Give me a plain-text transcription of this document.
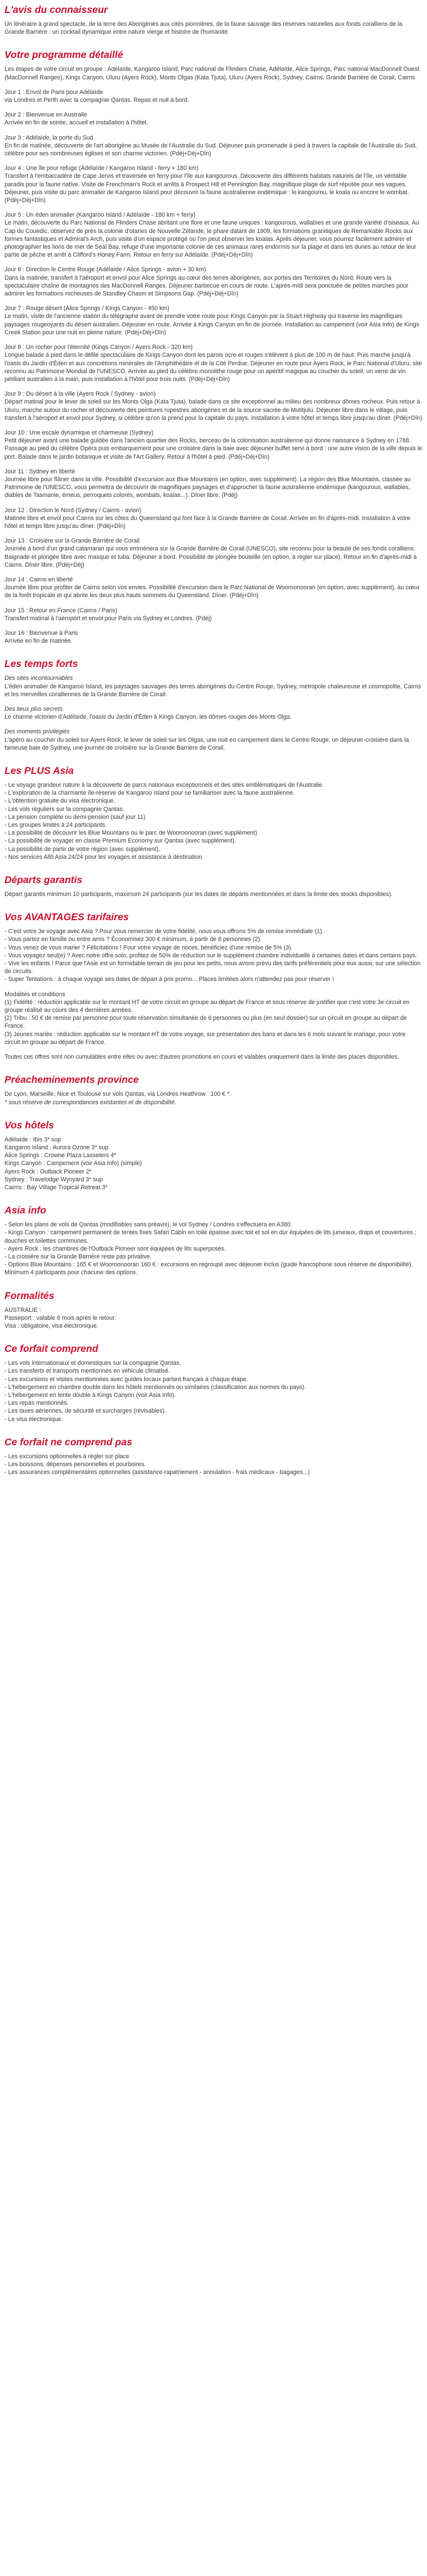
L'avis du connaisseur

Un itinéraire à grand spectacle, de la terre des Aborigènes aux cités pionnières, de la faune sauvage des réserves naturelles aux fonds coralliens de la Grande Barrière : un cocktail dynamique entre nature vierge et histoire de l'humanité.

Votre programme détaillé

Les étapes de votre circuit en groupe : Adélaïde, Kangaroo Island, Parc national de Flinders Chase, Adélaïde, Alice Springs, Parc national MacDonnell Ouest (MacDonnell Ranges), Kings Canyon, Uluru (Ayers Rock), Monts Olgas (Kata Tjuta), Uluru (Ayers Rock), Sydney, Cairns, Grande Barrière de Corail, Cairns

Jour 1 : Envol de Paris pour Adélaïde
via Londres et Perth avec la compagnie Qantas. Repas et nuit à bord.
Jour 2 : Bienvenue en Australie
Arrivée en fin de soirée, accueil et installation à l'hôtel.
Jour 3 : Adélaïde, la porte du Sud
En fin de matinée, découverte de l'art aborigène au Musée de l'Australie du Sud. Déjeuner puis promenade à pied à travers la capitale de l'Australie du Sud, célèbre pour ses nombreuses églises et son charme victorien. (Pdéj+Déj+Dîn)
Jour 4 : Une île pour refuge (Adélaïde / Kangaroo Island - ferry + 180 km)
Transfert à l'embarcadère de Cape Jervis et traversée en ferry pour l'île aux kangourous. Découverte des différents habitats naturels de l'île, un véritable paradis pour la faune native. Visite de Frenchman's Rock et arrêts à Prospect Hill et Pennington Bay, magnifique plage de surf réputée pour ses vagues. Déjeuner, puis visite du parc animalier de Kangaroo Island pour découvrir la faune australienne endémique : le kangourou, le koala ou encore le wombat. (Pdéj+Déj+Dîn)
Jour 5 : Un éden animalier (Kangaroo Island / Adélaïde - 180 km + ferry)
Le matin, découverte du Parc National de Flinders Chase abritant une flore et une faune uniques : kangourous, wallabies et une grande variété d'oiseaux. Au Cap du Couedic, observez de près la colonie d'otaries de Nouvelle Zélande, le phare datant de 1909, les formations granitiques de Remarkable Rocks aux formes fantastiques et Admiral's Arch, puis visite d'un espace protégé où l'on peut observer les koalas. Après déjeuner, vous pourrez facilement admirer et photographier les lions de mer de Seal Bay, refuge d'une importante colonie de ces animaux rares endormis sur la plage et dans les dunes au retour de leur partie de pêche et arrêt à Clifford's Honey Farm. Retour en ferry sur Adélaïde. (Pdéj+Déj+Dîn)
Jour 6 : Direction le Centre Rouge (Adélaïde / Alice Springs - avion + 30 km)
Dans la matinée, transfert à l'aéroport et envol pour Alice Springs au cœur des terres aborigènes, aux portes des Territoires du Nord. Route vers la spectaculaire chaîne de montagnes des MacDonnell Ranges. Déjeuner barbecue en cours de route. L'après-midi sera ponctuée de petites marches pour admirer les formations rocheuses de Standley Chasm et Simpsons Gap. (Pdéj+Déj+Dîn)
Jour 7 : Rouge désert (Alice Springs / Kings Canyon - 450 km)
Le matin, visite de l'ancienne station du télégraphe avant de prendre votre route pour Kings Canyon par la Stuart Highway qui traverse les magnifiques paysages rougeoyants du désert australien. Déjeuner en route. Arrivée à Kings Canyon en fin de journée. Installation au campement (voir Asia Info) de Kings Creek Station pour une nuit en pleine nature. (Pdéj+Déj+Dîn)
Jour 8 : Un rocher pour l'éternité (Kings Canyon / Ayers Rock - 320 km)
Longue balade à pied dans le défilé spectaculaire de Kings Canyon dont les parois ocre et rouges s'élèvent à plus de 100 m de haut. Puis marche jusqu'à l'oasis du Jardin d'Éden et aux concrétions minérales de l'Amphithéâtre et de la Cité Perdue. Déjeuner en route pour Ayers Rock, le Parc National d'Uluru, site reconnu au Patrimoine Mondial de l'UNESCO. Arrivée au pied du célèbre monolithe rouge pour un apéritif magique au coucher du soleil, un verre de vin pétillant australien à la main, puis installation à l'hôtel pour trois nuits. (Pdéj+Déj+Dîn)
Jour 9 : Du désert à la ville (Ayers Rock / Sydney - avion)
Départ matinal pour le lever de soleil sur les Monts Olga (Kata Tjuta), balade dans ce site exceptionnel au milieu des nombreux dômes rocheux. Puis retour à Uluru, marche autour du rocher et découverte des peintures rupestres aborigènes et de la source sacrée de Mutitjulu. Déjeuner libre dans le village, puis transfert à l'aéroport et envol pour Sydney, si célèbre qu'on la prend pour la capitale du pays. Installation à votre hôtel et temps libre jusqu'au dîner. (Pdéj+Dîn)
Jour 10 : Une escale dynamique et charmeuse (Sydney)
Petit déjeuner avant une balade guidée dans l'ancien quartier des Rocks, berceau de la colonisation australienne qui donne naissance à Sydney en 1788. Passage au pied du célèbre Opéra puis embarquement pour une croisière dans la baie avec déjeuner buffet servi à bord : une autre vision de la ville depuis le port. Balade dans le jardin botanique et visite de l'Art Gallery. Retour à l'hôtel à pied. (Pdéj+Déj+Dîn)
Jour 11 : Sydney en liberté
Journée libre pour flâner dans la ville. Possibilité d'excursion aux Blue Mountains (en option, avec supplément). La région des Blue Mountains, classée au Patrimoine de l'UNESCO, vous permettra de découvrir de magnifiques paysages et d'approcher la faune australienne endémique (kangourous, wallabies, diables de Tasmanie, émeus, perroquets colorés, wombats, koalas...). Dîner libre. (Pdéj)
Jour 12 : Direction le Nord (Sydney / Cairns - avion)
Matinée libre et envol pour Cairns sur les côtes du Queensland qui font face à la Grande Barrière de Corail. Arrivée en fin d'après-midi. Installation à votre hôtel et temps libre jusqu'au dîner. (Pdéj+Dîn)
Jour 13 : Croisière sur la Grande Barrière de Corail
Journée à bord d'un grand catamaran qui vous emmènera sur la Grande Barrière de Corail (UNESCO), site reconnu pour la beauté de ses fonds coralliens. Baignade et plongée libre avec masque et tuba. Déjeuner à bord. Possibilité de plongée bouteille (en option, à régler sur place). Retour en fin d'après-midi à Cairns. Dîner libre. (Pdéj+Déj)
Jour 14 : Cairns en liberté
Journée libre pour profiter de Cairns selon vos envies. Possibilité d'excursion dans le Parc National de Wooroonooran (en option, avec supplément), au cœur de la forêt tropicale et qui abrite les deux plus hauts sommets du Queensland. Dîner. (Pdéj+Dîn)
Jour 15 : Retour en France (Cairns / Paris)
Transfert matinal à l'aéroport et envol pour Paris via Sydney et Londres. (Pdéj)
Jour 16 : Bienvenue à Paris
Arrivée en fin de matinée.
Les temps forts
Des sites incontournables
L'éden animalier de Kangaroo Island, les paysages sauvages des terres aborigènes du Centre Rouge, Sydney, métropole chaleureuse et cosmopolite, Cairns et les merveilles coralliennes de la Grande Barrière de Corail.
Des lieux plus secrets
Le charme victorien d'Adélaïde, l'oasis du Jardin d'Éden à Kings Canyon, les dômes rouges des Monts Olga.
Des moments privilégiés
L'apéro au coucher du soleil sur Ayers Rock, le lever de soleil sur les Olgas, une nuit en campement dans le Centre Rouge, un déjeuner-croisière dans la fameuse baie de Sydney, une journée de croisière sur la Grande Barrière de Corail.
Les PLUS Asia
- Le voyage grandeur nature à la découverte de parcs nationaux exceptionnels et des sites emblématiques de l'Australie.
- L'exploration de la charmante île-réserve de Kangaroo Island pour se familiariser avec la faune australienne.
- L'obtention gratuite du visa électronique.
- Les vols réguliers sur la compagnie Qantas.
- La pension complète ou demi-pension (sauf jour 11)
- Les groupes limités à 24 participants.
- La possibilité de découvrir les Blue Mountains ou le parc de Wooroonooran (avec supplément)
- La possibilité de voyager en classe Premium Economy sur Qantas (avec supplément).
- La possibilité de partir de votre région (avec supplément).
- Nos services Allô Asia 24/24 pour les voyages et assistance à destination.
Départs garantis

Départ garantis minimum 10 participants, maximum 24 participants (sur les dates de départs mentionnées et dans la limite des stocks disponibles).

Vos AVANTAGES tarifaires
- C'est votre 3e voyage avec Asia ? Pour vous remercier de votre fidélité, nous vous offrons 5% de remise immédiate (1).
- Vous partez en famille ou entre amis ? Économisez 300 € minimum, à partir de 6 personnes (2).
- Vous venez de vous marier ? Félicitations ! Pour votre voyage de noces, bénéficiez d'une remise de 5% (3).
- Vous voyagez seul(e) ? Avec notre offre solo, profitez de 50% de réduction sur le supplément chambre individuelle à certaines dates et dans certains pays.
- Vive les enfants ! Parce que l'Asie est un formidable terrain de jeu pour les petits, nous avons prévu des tarifs préférentiels pour eux aussi, sur une sélection de circuits.
- Super Tentations : à chaque voyage ses dates de départ à prix promo... Places limitées alors n'attendez pas pour réserver !
Modalités et conditions
(1) Fidélité : réduction applicable sur le montant HT de votre circuit en groupe au départ de France et sous réserve de justifier que c'est votre 3e circuit en groupe réalisé au cours des 4 dernières années.
(2) Tribu : 50 € de remise par personne pour toute réservation simultanée de 6 personnes ou plus (en seul dossier) sur un circuit en groupe au départ de France.
(3) Jeunes mariés : réduction applicable sur le montant HT de votre voyage, sur présentation des bans et dans les 6 mois suivant le mariage, pour votre circuit en groupe au départ de France.

Toutes ces offres sont non cumulables entre elles ou avec d'autres promotions en cours et valables uniquement dans la limite des places disponibles.

Préacheminements province
De Lyon, Marseille, Nice et Toulouse sur vols Qantas, via Londres Heathrow : 100 € *.
* sous réserve de correspondances existantes et de disponibilité.
Vos hôtels
Adélaïde : Ibis 3* sup
Kangaroo Island : Aurora Ozone 3* sup
Alice Springs : Crowne Plaza Lasseters 4*
Kings Canyon : Campement (voir Asia Info) (simple)
Ayers Rock : Outback Pioneer 2*
Sydney : Travelodge Wynyard 3* sup
Cairns : Bay Village Tropical Retreat 3*
Asia info
- Selon les plans de vols de Qantas (modifiables sans préavis), le vol Sydney / Londres s'effectuera en A380.
- Kings Canyon : campement permanent de tentes fixes Safari Cabin en toile épaisse avec toit et sol en dur équipées de lits jumeaux, draps et couvertures ; douches et toilettes communes.
- Ayers Rock : les chambres de l'Outback Pioneer sont équipées de lits superposés.
- La croisière sur la Grande Barrière reste pas privative.
- Options Blue Mountains : 165 € et Wooroonooran 160 € : excursions en regroupé avec déjeuner inclus (guide francophone sous réserve de disponibilité).
Minimum 4 participants pour chacune des options.
Formalités
AUSTRALIE :
Passeport : valable 6 mois après le retour.
Visa : obligatoire, visa électronique.
Ce forfait comprend
- Les vols internationaux et domestiques sur la compagnie Qantas.
- Les transferts et transports mentionnés en véhicule climatisé.
- Les excursions et visites mentionnées avec guides locaux parlant français à chaque étape.
- L'hébergement en chambre double dans les hôtels mentionnés ou similaires (classification aux normes du pays).
- L'hébergement en tente double à Kings Canyon (voir Asia Info).
- Les repas mentionnés.
- Les taxes aériennes, de sécurité et surcharges (révisables).
- Le visa électronique.
Ce forfait ne comprend pas
- Les excursions optionnelles à régler sur place
- Les boissons, dépenses personnelles et pourboires.
- Les assurances complémentaires optionnelles (assistance-rapatriement - annulation - frais médicaux - bagages...)
